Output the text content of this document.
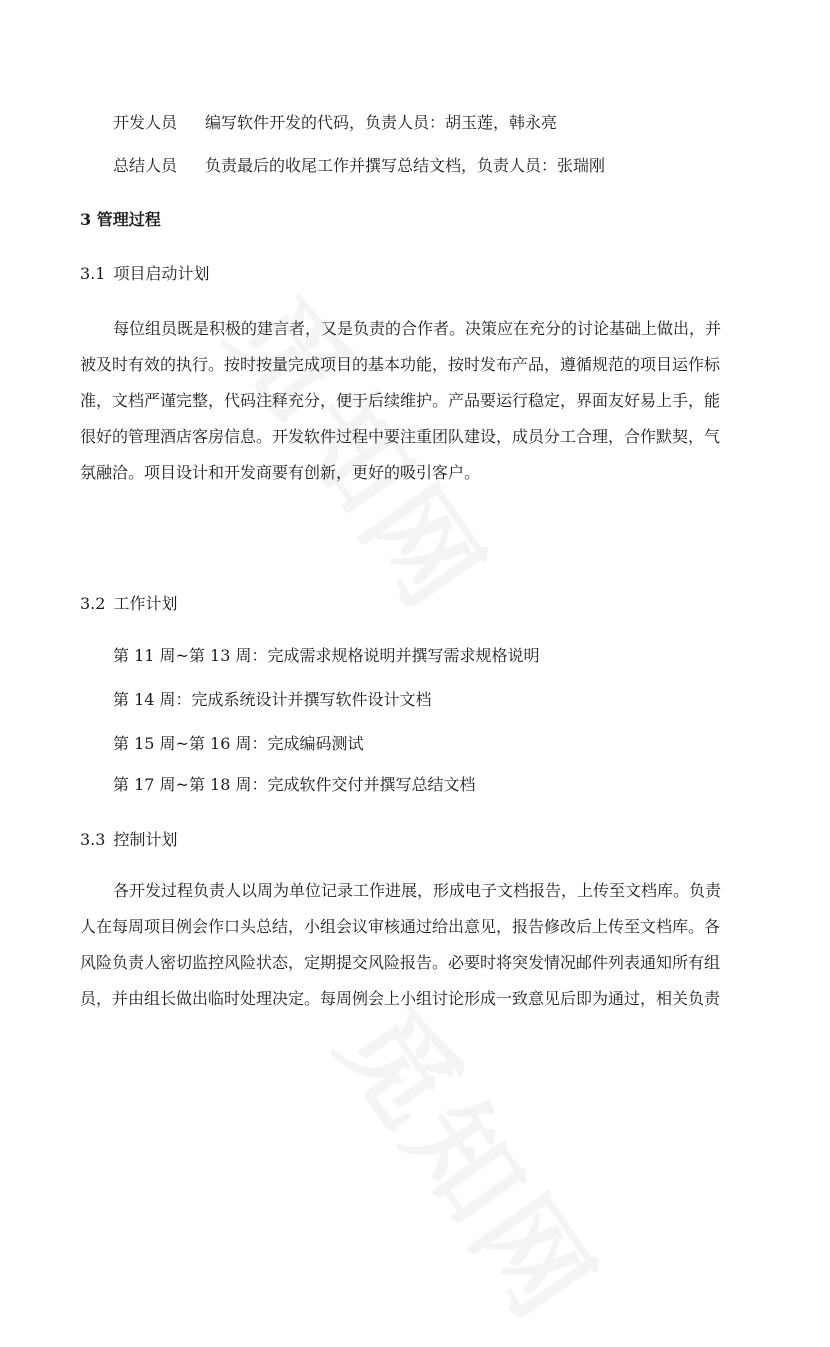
开发人员 编写软件开发的代码，负责人员：胡玉莲，韩永亮
总结人员 负责最后的收尾工作并撰写总结文档，负责人员：张瑞刚
3 管理过程
3.1 项目启动计划
每位组员既是积极的建言者，又是负责的合作者。决策应在充分的讨论基础上做出，并
被及时有效的执行。按时按量完成项目的基本功能，按时发布产品，遵循规范的项目运作标
准，文档严谨完整，代码注释充分，便于后续维护。产品要运行稳定，界面友好易上手，能
很好的管理酒店客房信息。开发软件过程中要注重团队建设，成员分工合理，合作默契，气
氛融洽。项目设计和开发商要有创新，更好的吸引客户。
3.2 工作计划
第 11 周~第 13 周：完成需求规格说明并撰写需求规格说明
第 14 周：完成系统设计并撰写软件设计文档
第 15 周~第 16 周：完成编码测试
第 17 周~第 18 周：完成软件交付并撰写总结文档
3.3 控制计划
各开发过程负责人以周为单位记录工作进展，形成电子文档报告，上传至文档库。负责
人在每周项目例会作口头总结，小组会议审核通过给出意见，报告修改后上传至文档库。各
风险负责人密切监控风险状态，定期提交风险报告。必要时将突发情况邮件列表通知所有组
员，并由组长做出临时处理决定。每周例会上小组讨论形成一致意见后即为通过，相关负责
